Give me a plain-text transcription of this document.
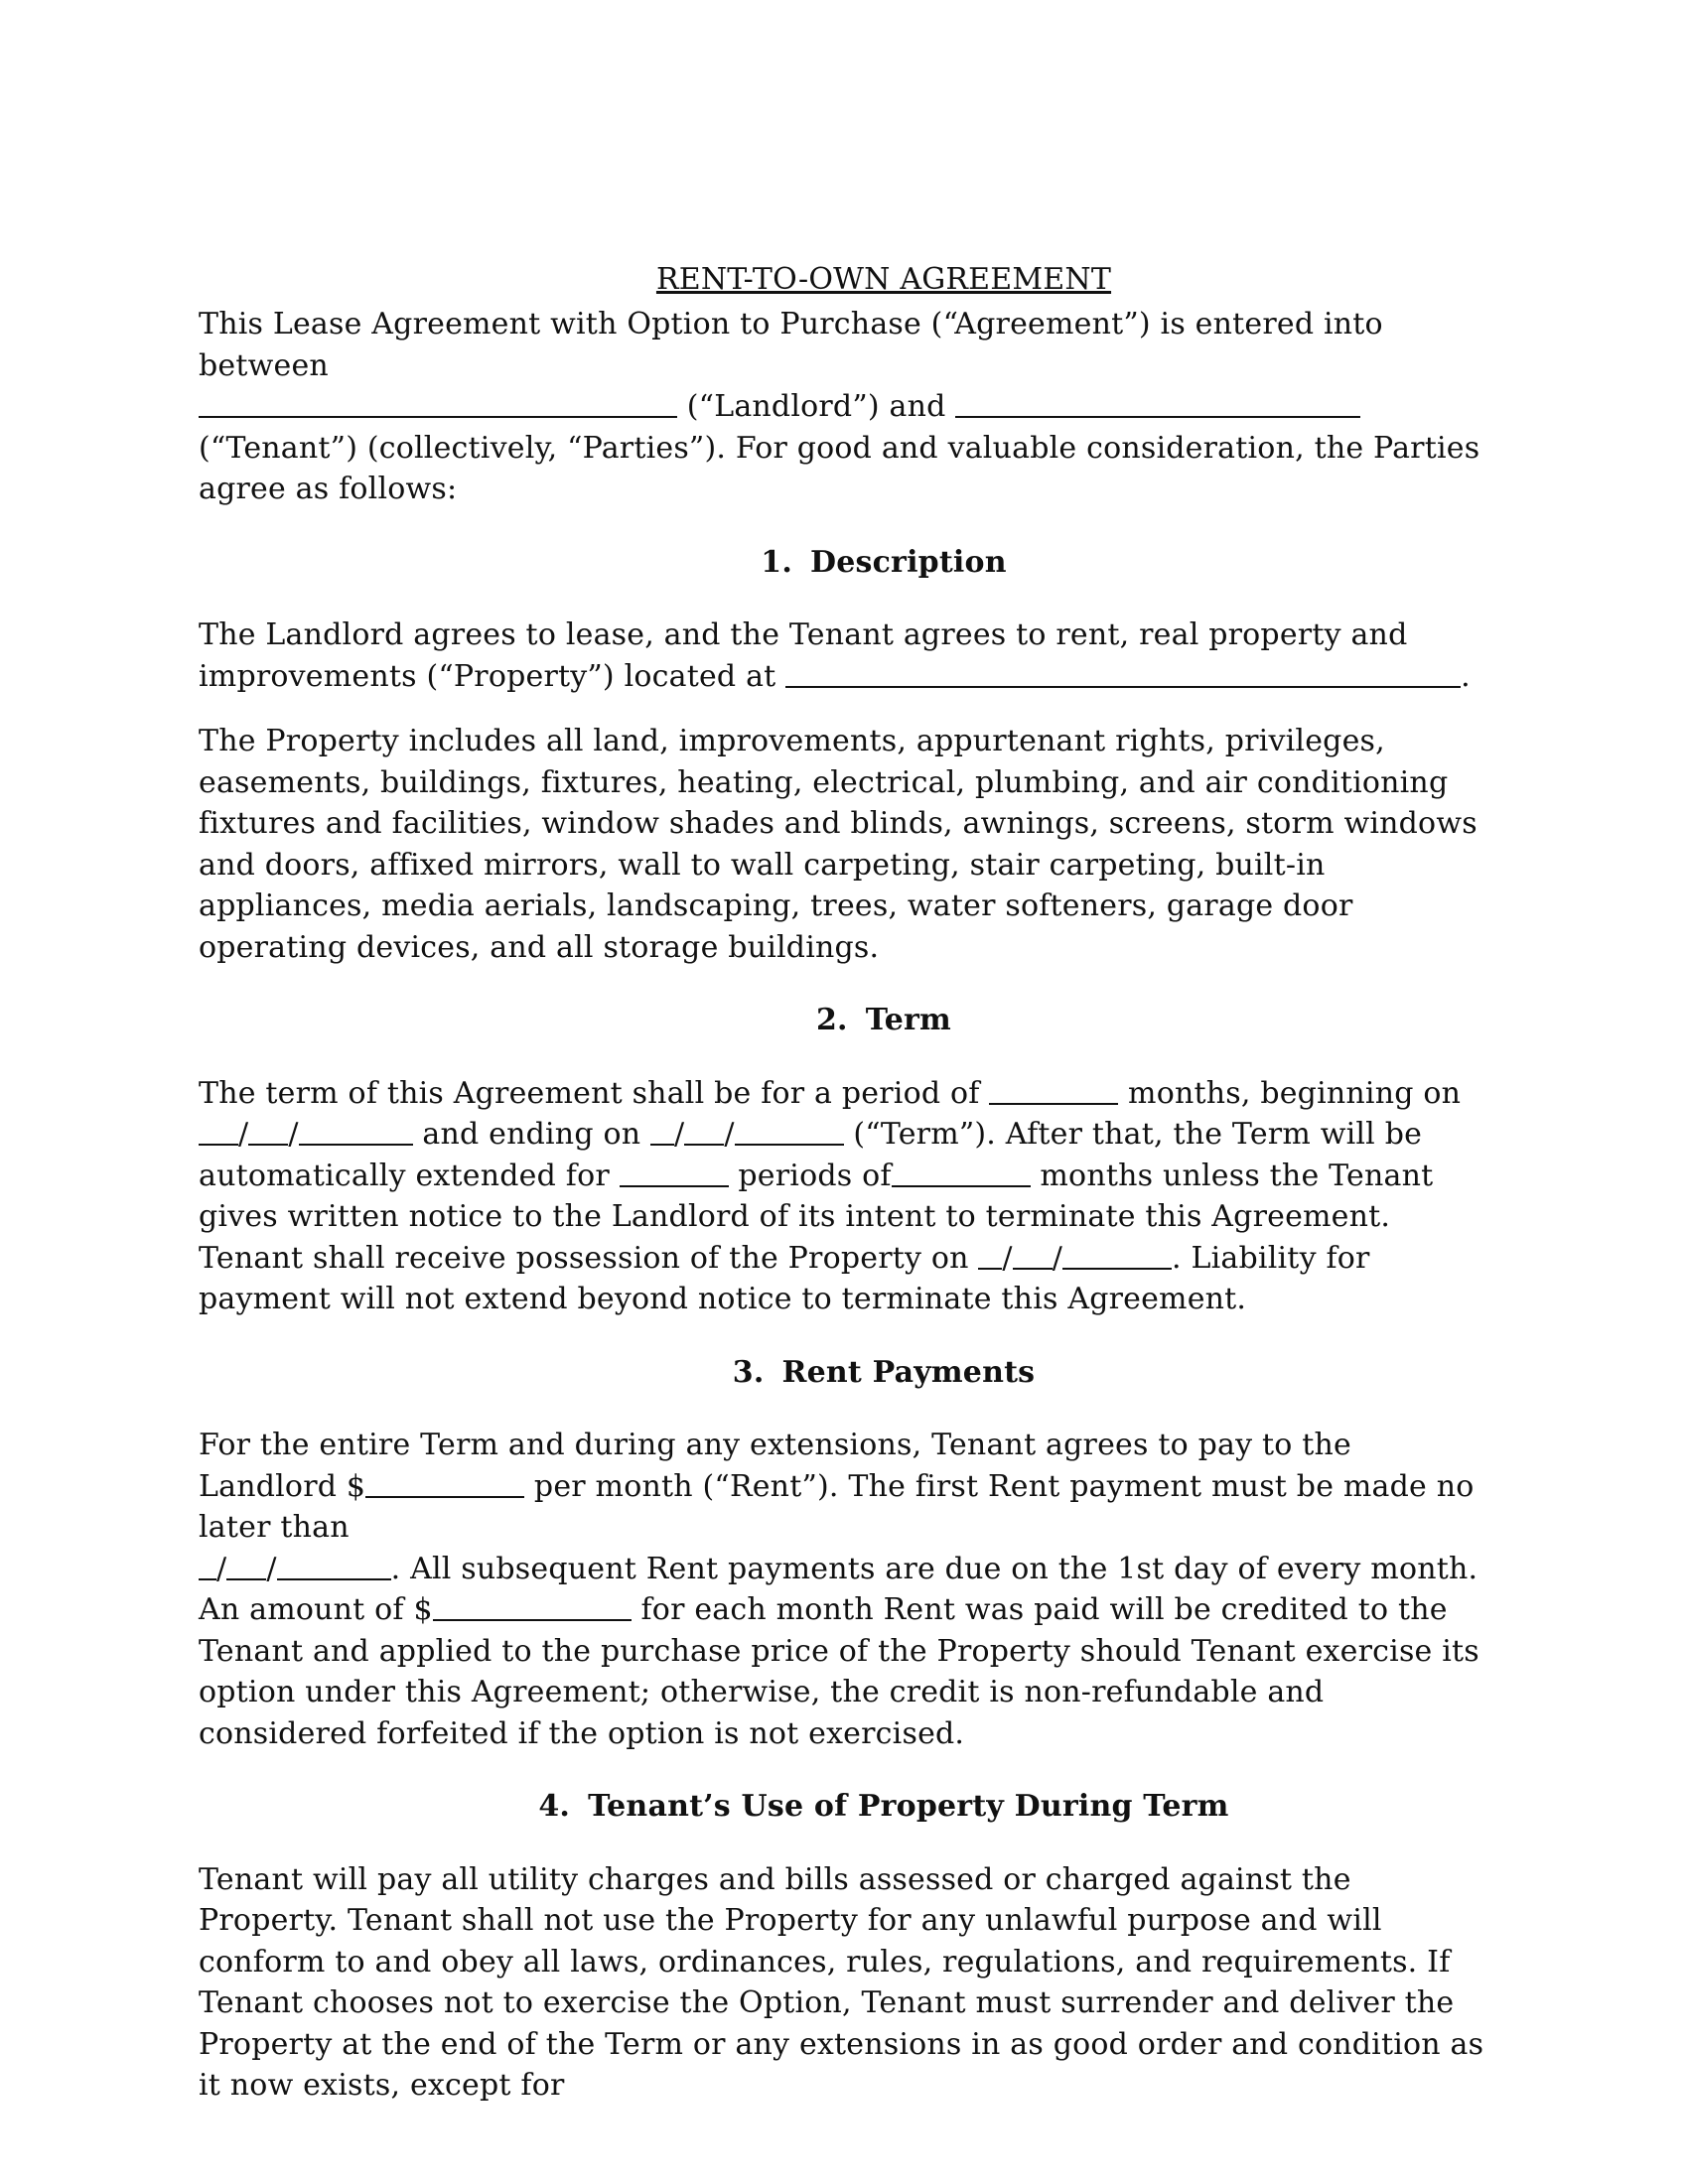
RENT-TO-OWN AGREEMENT

This Lease Agreement with Option to Purchase (“Agreement”) is entered into between
(“Landlord”) and
(“Tenant”) (collectively, “Parties”). For good and valuable consideration, the Parties agree as follows:

1. Description

The Landlord agrees to lease, and the Tenant agrees to rent, real property and improvements (“Property”) located at	.

The Property includes all land, improvements, appurtenant rights, privileges, easements, buildings, fixtures, heating, electrical, plumbing, and air conditioning fixtures and facilities, window shades and blinds, awnings, screens, storm windows and doors, affixed mirrors, wall to wall carpeting, stair carpeting, built-in appliances, media aerials, landscaping, trees, water softeners, garage door operating devices, and all storage buildings.

2. Term

The term of this Agreement shall be for a period of	months, beginning on
/ /	and ending on / /	(“Term”). After that, the Term will be automatically extended for	periods of	months unless the Tenant gives written notice to the Landlord of its intent to terminate this Agreement. Tenant shall receive possession of the Property on / /	. Liability for payment will not extend beyond notice to terminate this Agreement.

3. Rent Payments

For the entire Term and during any extensions, Tenant agrees to pay to the Landlord $	per month (“Rent”). The first Rent payment must be made no later than
/ /	. All subsequent Rent payments are due on the 1st day of every month. An amount of $	for each month Rent was paid will be credited to the Tenant and applied to the purchase price of the Property should Tenant exercise its option under this Agreement; otherwise, the credit is non-refundable and considered forfeited if the option is not exercised.

4. Tenant’s Use of Property During Term

Tenant will pay all utility charges and bills assessed or charged against the Property. Tenant shall not use the Property for any unlawful purpose and will conform to and obey all laws, ordinances, rules, regulations, and requirements. If Tenant chooses not to exercise the Option, Tenant must surrender and deliver the Property at the end of the Term or any extensions in as good order and condition as it now exists, except for
